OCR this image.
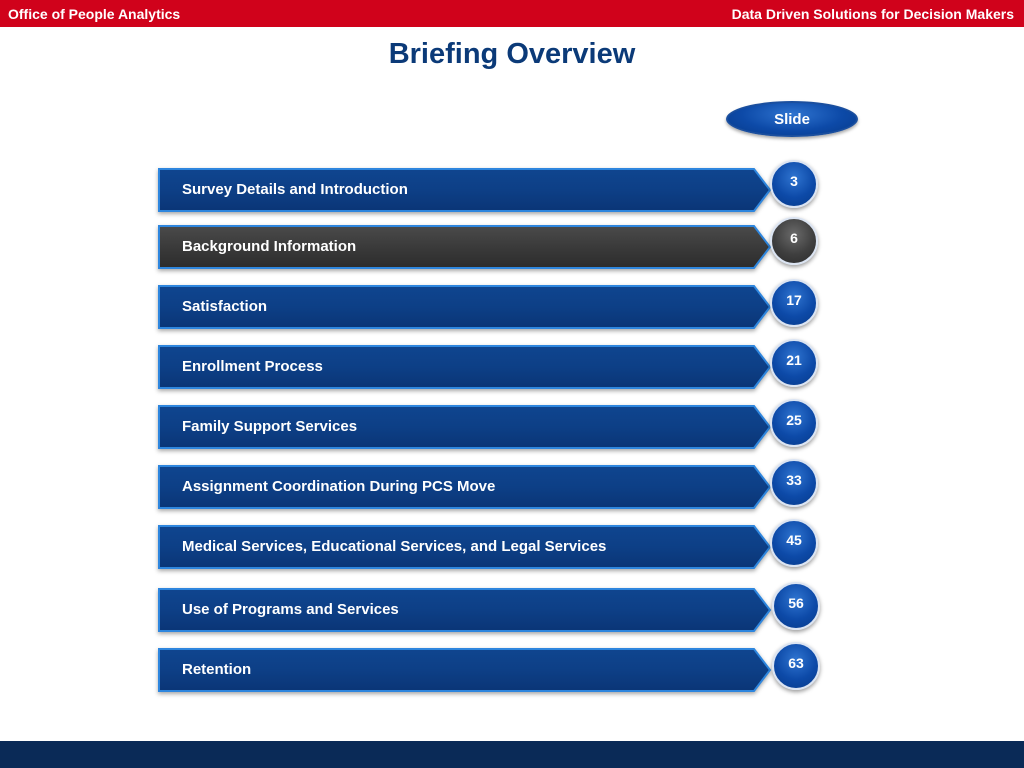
Office of People Analytics	Data Driven Solutions for Decision Makers
Briefing Overview
Slide
Survey Details and Introduction	3
Background Information	6
Satisfaction	17
Enrollment Process	21
Family Support Services	25
Assignment Coordination During PCS Move	33
Medical Services, Educational Services, and Legal Services	45
Use of Programs and Services	56
Retention	63
